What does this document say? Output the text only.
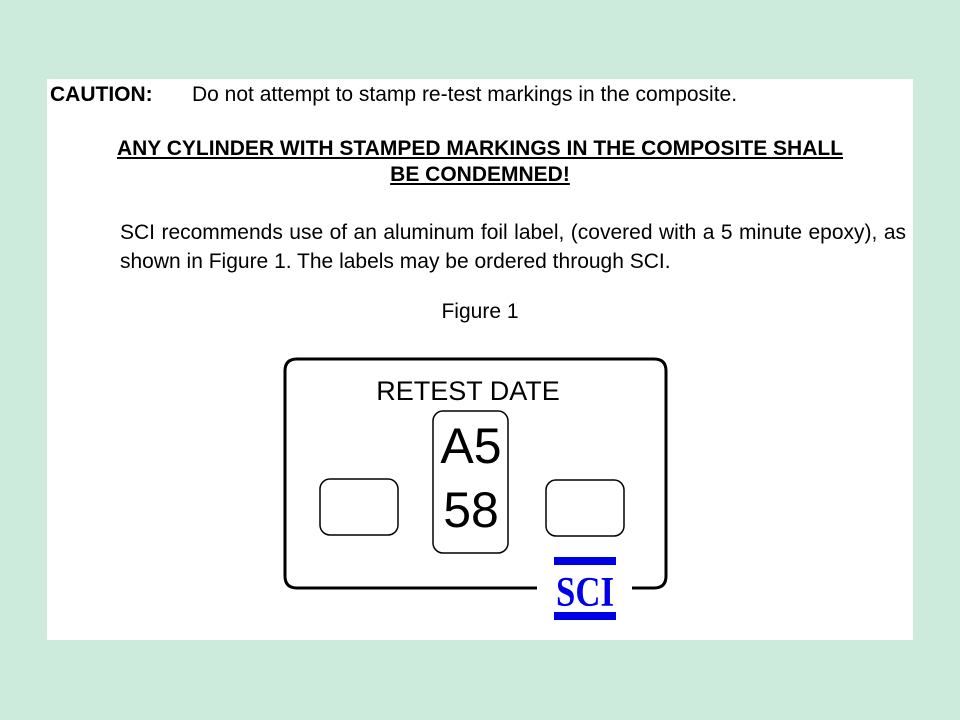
CAUTION: Do not attempt to stamp re-test markings in the composite.
ANY CYLINDER WITH STAMPED MARKINGS IN THE COMPOSITE SHALL
BE CONDEMNED!
SCI recommends use of an aluminum foil label, (covered with a 5 minute epoxy), as shown in Figure 1. The labels may be ordered through SCI.
Figure 1
RETEST DATE
A5
58
SCI
